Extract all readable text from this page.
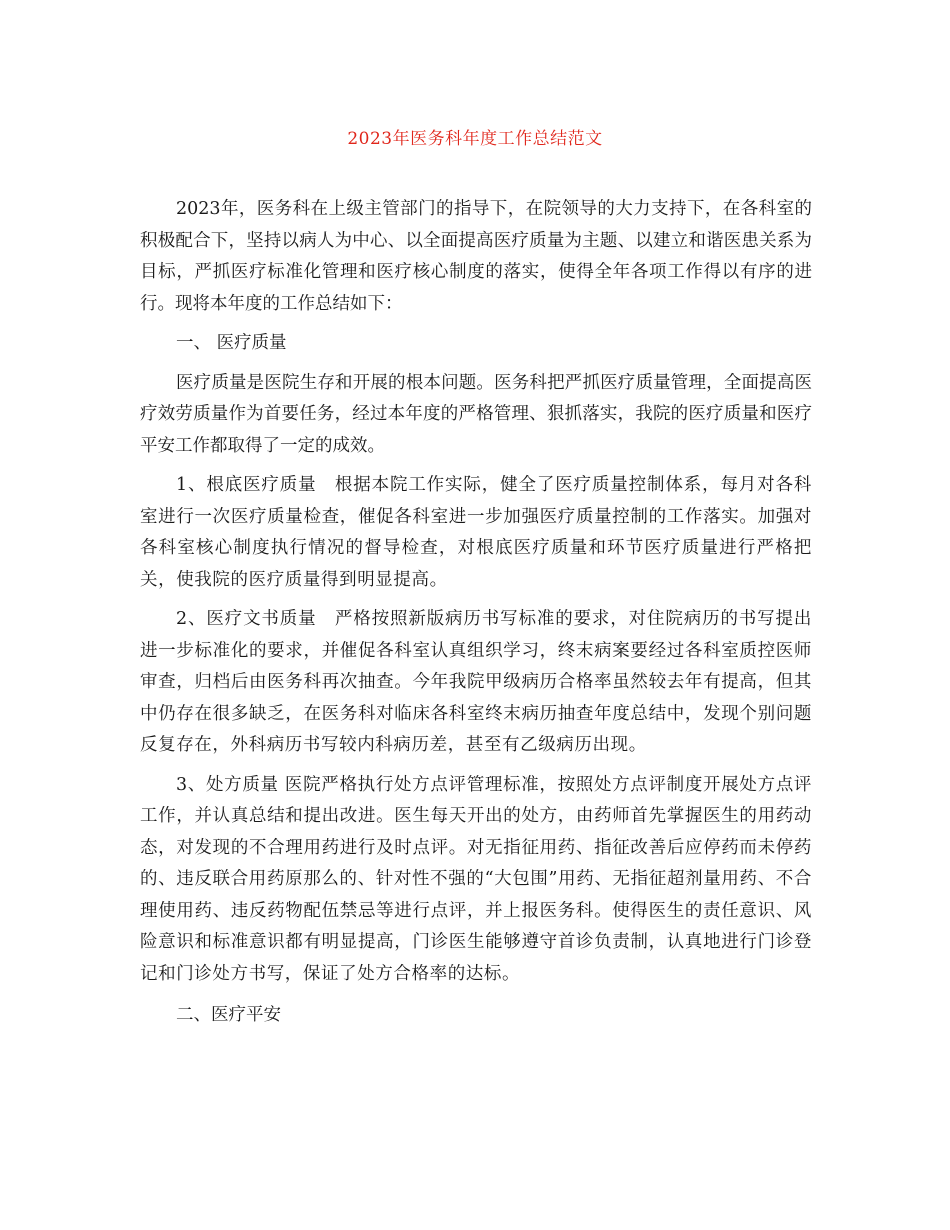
2023年医务科年度工作总结范文

2023年，医务科在上级主管部门的指导下，在院领导的大力支持下，在各科室的积极配合下，坚持以病人为中心、以全面提高医疗质量为主题、以建立和谐医患关系为目标，严抓医疗标准化管理和医疗核心制度的落实，使得全年各项工作得以有序的进行。现将本年度的工作总结如下：

一、 医疗质量

医疗质量是医院生存和开展的根本问题。医务科把严抓医疗质量管理，全面提高医疗效劳质量作为首要任务，经过本年度的严格管理、狠抓落实，我院的医疗质量和医疗平安工作都取得了一定的成效。

1、根底医疗质量　根据本院工作实际，健全了医疗质量控制体系，每月对各科室进行一次医疗质量检查，催促各科室进一步加强医疗质量控制的工作落实。加强对各科室核心制度执行情况的督导检查，对根底医疗质量和环节医疗质量进行严格把关，使我院的医疗质量得到明显提高。

2、医疗文书质量　严格按照新版病历书写标准的要求，对住院病历的书写提出进一步标准化的要求，并催促各科室认真组织学习，终末病案要经过各科室质控医师审查，归档后由医务科再次抽查。今年我院甲级病历合格率虽然较去年有提高，但其中仍存在很多缺乏，在医务科对临床各科室终末病历抽查年度总结中，发现个别问题反复存在，外科病历书写较内科病历差，甚至有乙级病历出现。

3、处方质量 医院严格执行处方点评管理标准，按照处方点评制度开展处方点评工作，并认真总结和提出改进。医生每天开出的处方，由药师首先掌握医生的用药动态，对发现的不合理用药进行及时点评。对无指征用药、指征改善后应停药而未停药的、违反联合用药原那么的、针对性不强的“大包围”用药、无指征超剂量用药、不合理使用药、违反药物配伍禁忌等进行点评，并上报医务科。使得医生的责任意识、风险意识和标准意识都有明显提高，门诊医生能够遵守首诊负责制，认真地进行门诊登记和门诊处方书写，保证了处方合格率的达标。

二、医疗平安
